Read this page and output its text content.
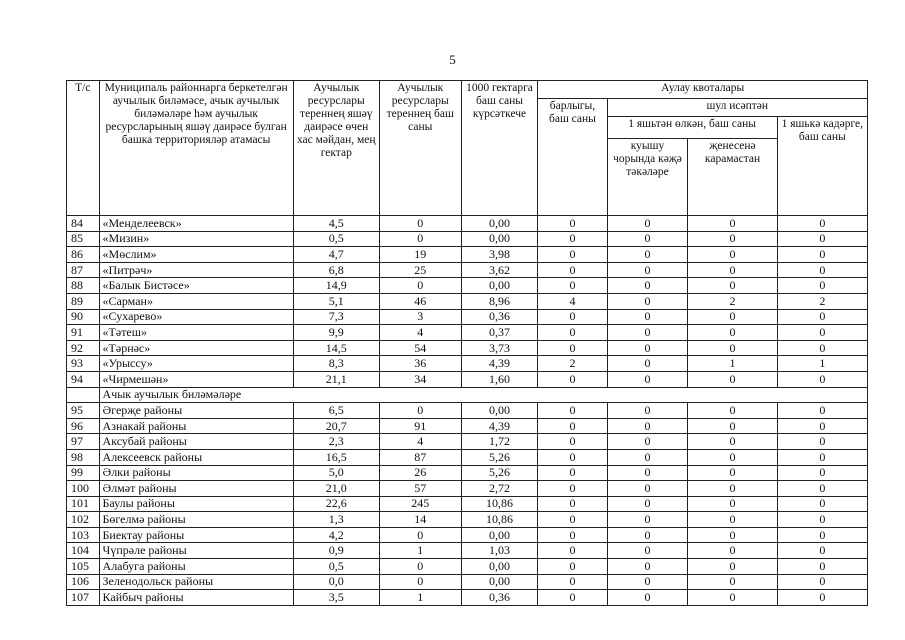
5
Т/с	Муниципаль районнарга беркетелгән аучылык биләмәсе, ачык аучылык биләмәләре һәм аучылык ресурсларының яшәү даирәсе булган башка территорияләр атамасы	Аучылык ресурслары тереннең яшәү даирәсе өчен хас мәйдан, мең гектар	Аучылык ресурслары тереннең баш саны	1000 гектарга баш саны күрсәткече	Аулау квоталары			
					барлыгы, баш саны	шул исәптән		
						1 яшьтән өлкән, баш саны		1 яшькә кадәрге, баш саны
						куышу чорында кәҗә тәкәләре	җенесенә карамастан	
84	«Менделеевск»	4,5	0	0,00	0	0	0	0
85	«Мизин»	0,5	0	0,00	0	0	0	0
86	«Мөслим»	4,7	19	3,98	0	0	0	0
87	«Питрәч»	6,8	25	3,62	0	0	0	0
88	«Балык Бистәсе»	14,9	0	0,00	0	0	0	0
89	«Сарман»	5,1	46	8,96	4	0	2	2
90	«Сухарево»	7,3	3	0,36	0	0	0	0
91	«Тәтеш»	9,9	4	0,37	0	0	0	0
92	«Тәрнәс»	14,5	54	3,73	0	0	0	0
93	«Урыссу»	8,3	36	4,39	2	0	1	1
94	«Чирмешән»	21,1	34	1,60	0	0	0	0
	Ачык аучылык биләмәләре							
95	Әгерҗе районы	6,5	0	0,00	0	0	0	0
96	Азнакай районы	20,7	91	4,39	0	0	0	0
97	Аксубай районы	2,3	4	1,72	0	0	0	0
98	Алексеевск районы	16,5	87	5,26	0	0	0	0
99	Әлки районы	5,0	26	5,26	0	0	0	0
100	Әлмәт районы	21,0	57	2,72	0	0	0	0
101	Баулы районы	22,6	245	10,86	0	0	0	0
102	Бөгелмә районы	1,3	14	10,86	0	0	0	0
103	Биектау районы	4,2	0	0,00	0	0	0	0
104	Чүпрәле районы	0,9	1	1,03	0	0	0	0
105	Алабуга районы	0,5	0	0,00	0	0	0	0
106	Зеленодольск районы	0,0	0	0,00	0	0	0	0
107	Кайбыч районы	3,5	1	0,36	0	0	0	0
